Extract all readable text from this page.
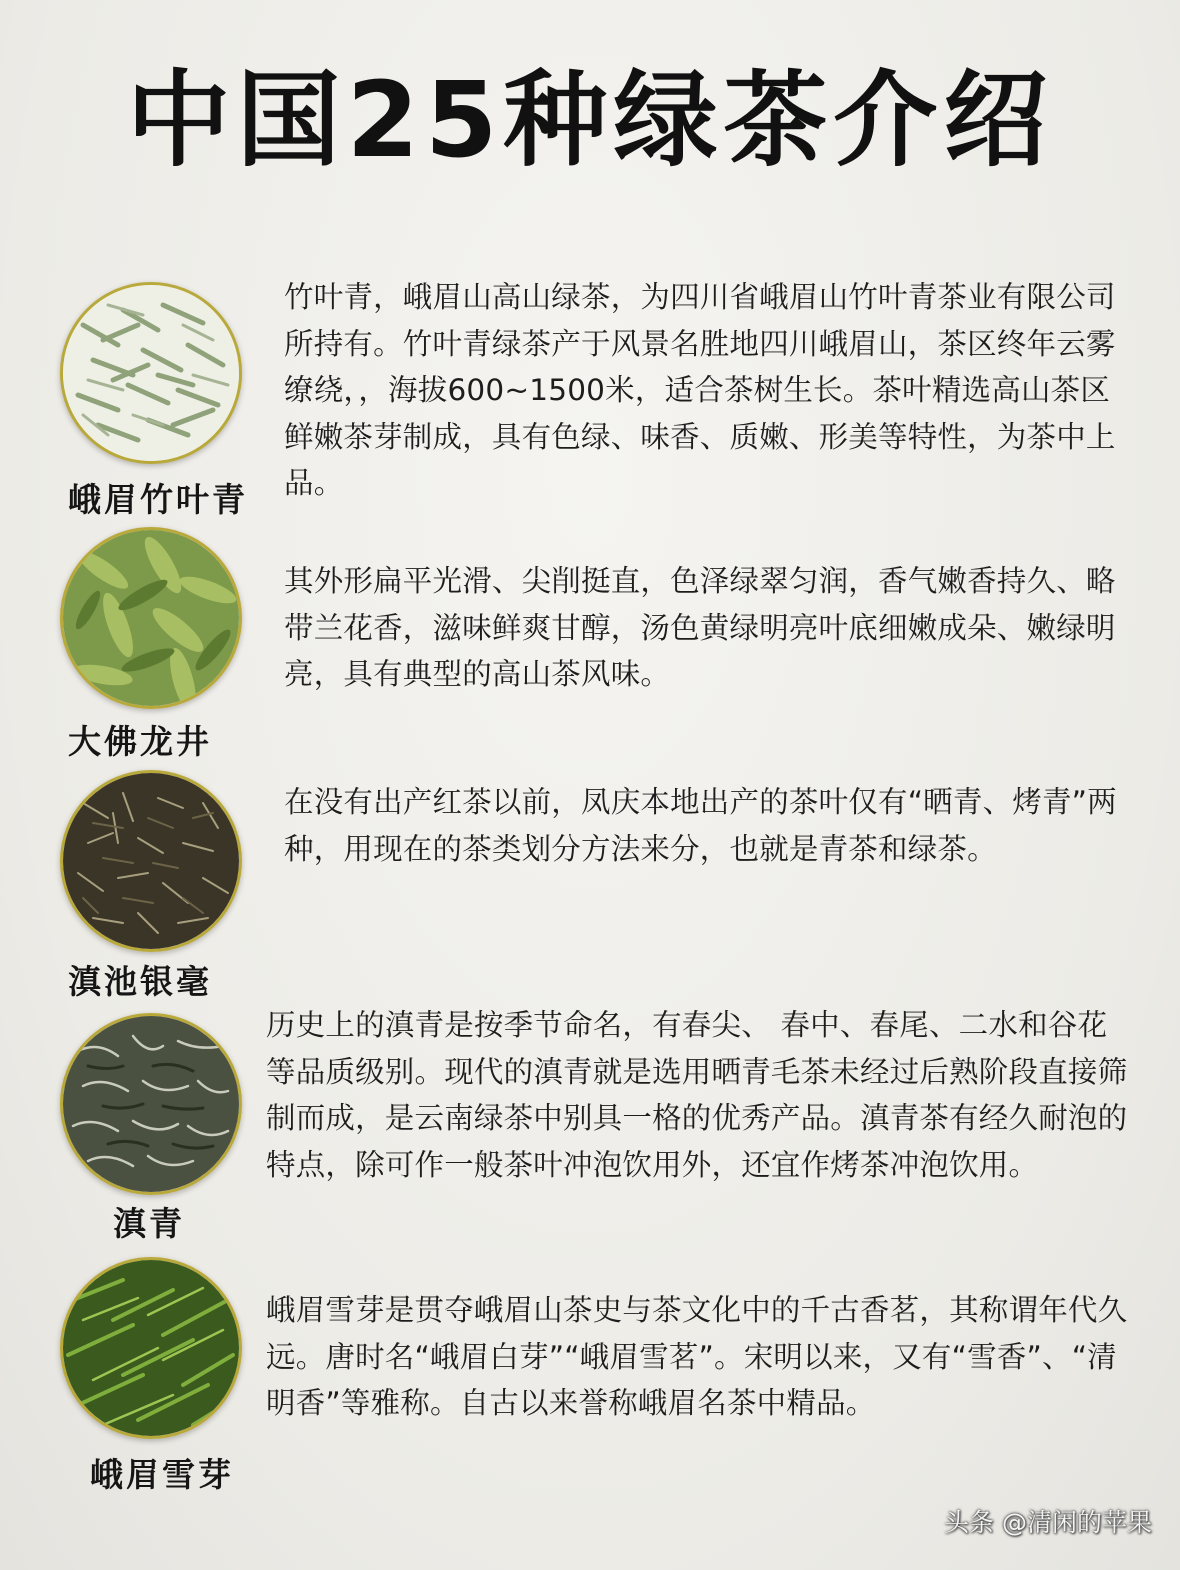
中国25种绿茶介绍
峨眉竹叶青

竹叶青，峨眉山高山绿茶，为四川省峨眉山竹叶青茶业有限公司所持有。竹叶青绿茶产于风景名胜地四川峨眉山，茶区终年云雾缭绕，，海拔600~1500米，适合茶树生长。茶叶精选高山茶区鲜嫩茶芽制成，具有色绿、味香、质嫩、形美等特性，为茶中上品。

大佛龙井

其外形扁平光滑、尖削挺直，色泽绿翠匀润，香气嫩香持久、略带兰花香，滋味鲜爽甘醇，汤色黄绿明亮叶底细嫩成朵、嫩绿明亮，具有典型的高山茶风味。

滇池银毫

在没有出产红茶以前，凤庆本地出产的茶叶仅有“晒青、烤青”两种，用现在的茶类划分方法来分，也就是青茶和绿茶。

滇青

历史上的滇青是按季节命名，有春尖、 春中、春尾、二水和谷花等品质级别。现代的滇青就是选用晒青毛茶未经过后熟阶段直接筛制而成，是云南绿茶中别具一格的优秀产品。滇青茶有经久耐泡的特点，除可作一般茶叶冲泡饮用外，还宜作烤茶冲泡饮用。

峨眉雪芽

峨眉雪芽是贯夺峨眉山茶史与茶文化中的千古香茗，其称谓年代久远。唐时名“峨眉白芽”“峨眉雪茗”。宋明以来，又有“雪香”、“清明香”等雅称。自古以来誉称峨眉名茶中精品。

头条 @清闲的苹果
